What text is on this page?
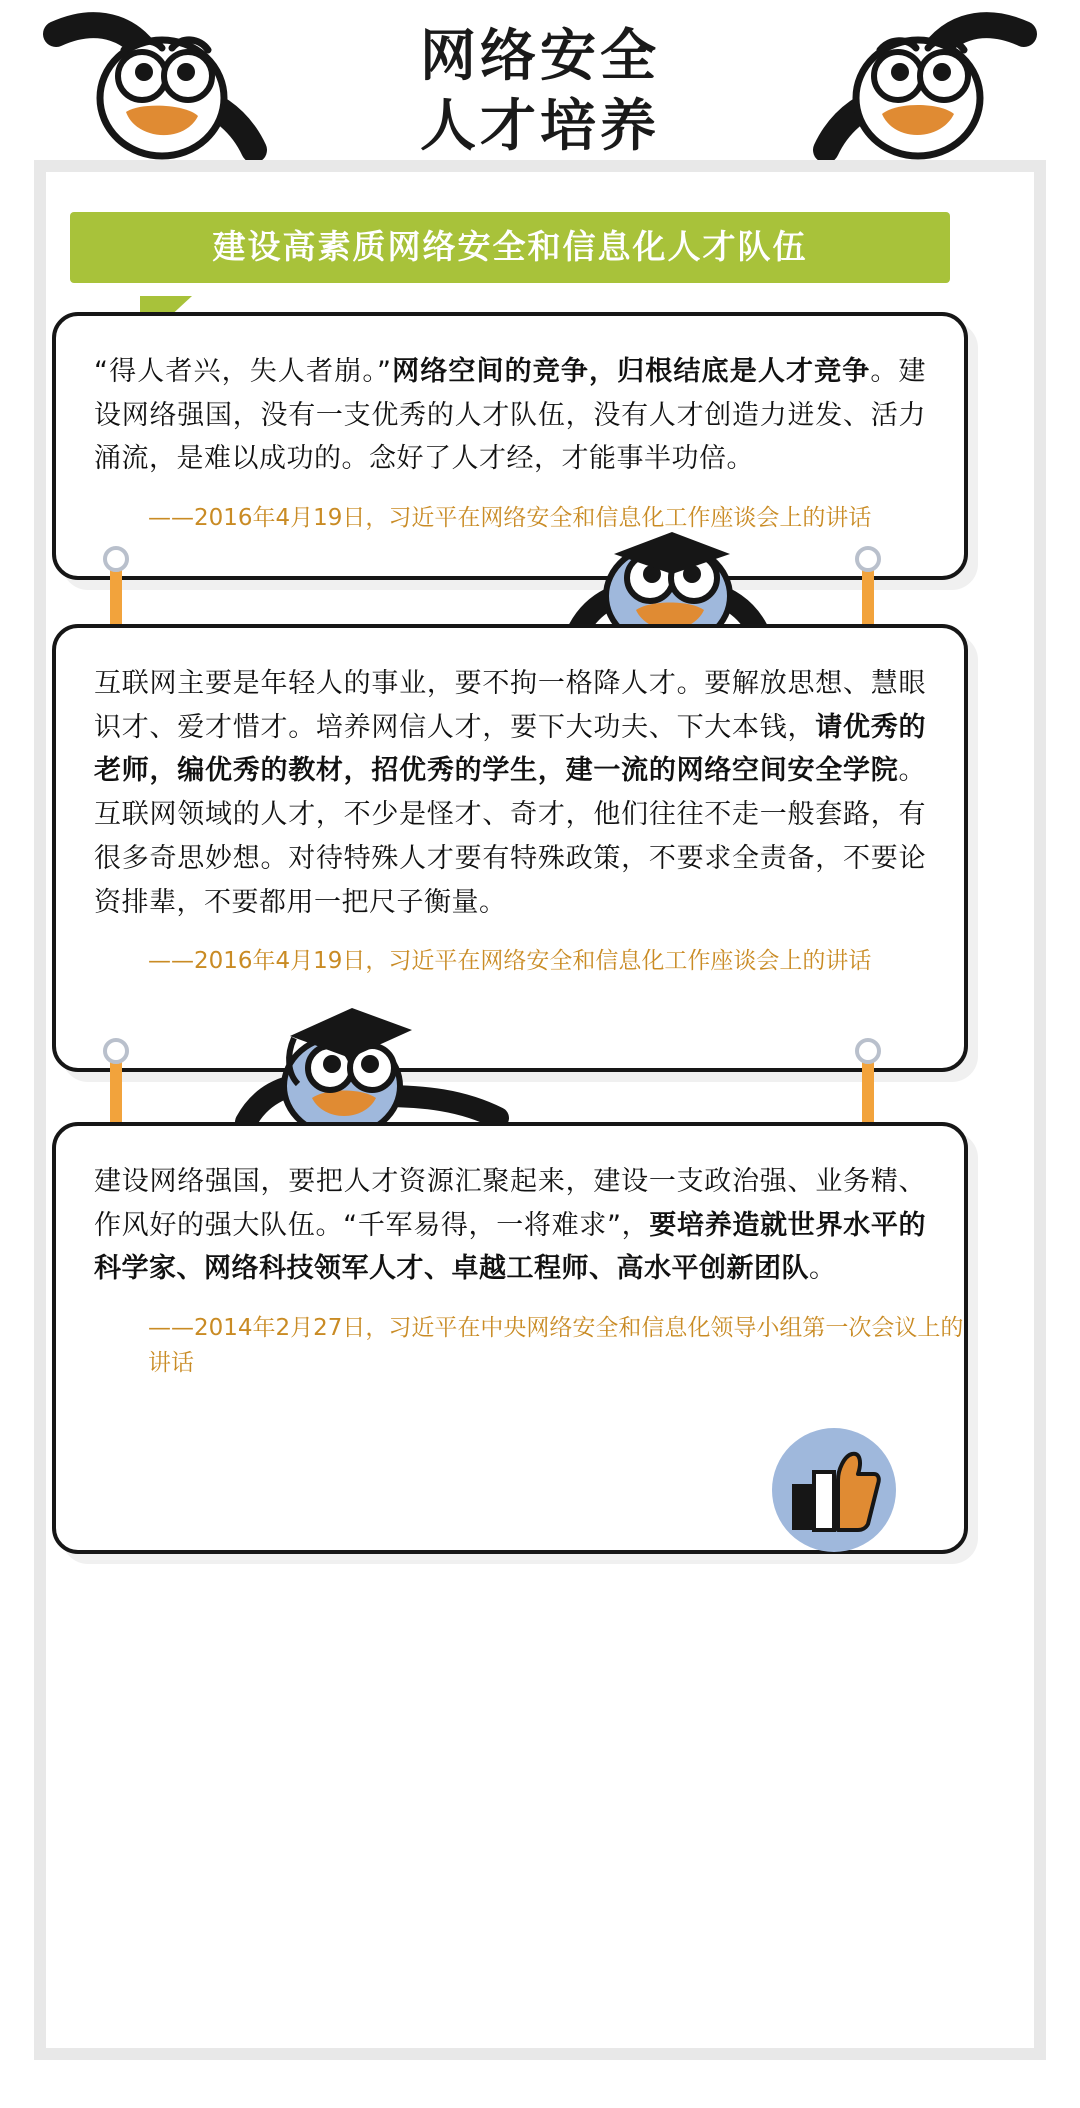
网络安全
人才培养
建设高素质网络安全和信息化人才队伍
“得人者兴，失人者崩。”网络空间的竞争，归根结底是人才竞争。建设网络强国，没有一支优秀的人才队伍，没有人才创造力迸发、活力涌流，是难以成功的。念好了人才经，才能事半功倍。
——2016年4月19日，习近平在网络安全和信息化工作座谈会上的讲话
互联网主要是年轻人的事业，要不拘一格降人才。要解放思想、慧眼识才、爱才惜才。培养网信人才，要下大功夫、下大本钱，请优秀的老师，编优秀的教材，招优秀的学生，建一流的网络空间安全学院。互联网领域的人才，不少是怪才、奇才，他们往往不走一般套路，有很多奇思妙想。对待特殊人才要有特殊政策，不要求全责备，不要论资排辈，不要都用一把尺子衡量。
——2016年4月19日，习近平在网络安全和信息化工作座谈会上的讲话
建设网络强国，要把人才资源汇聚起来，建设一支政治强、业务精、作风好的强大队伍。“千军易得，一将难求”，要培养造就世界水平的科学家、网络科技领军人才、卓越工程师、高水平创新团队。
——2014年2月27日，习近平在中央网络安全和信息化领导小组第一次会议上的讲话
